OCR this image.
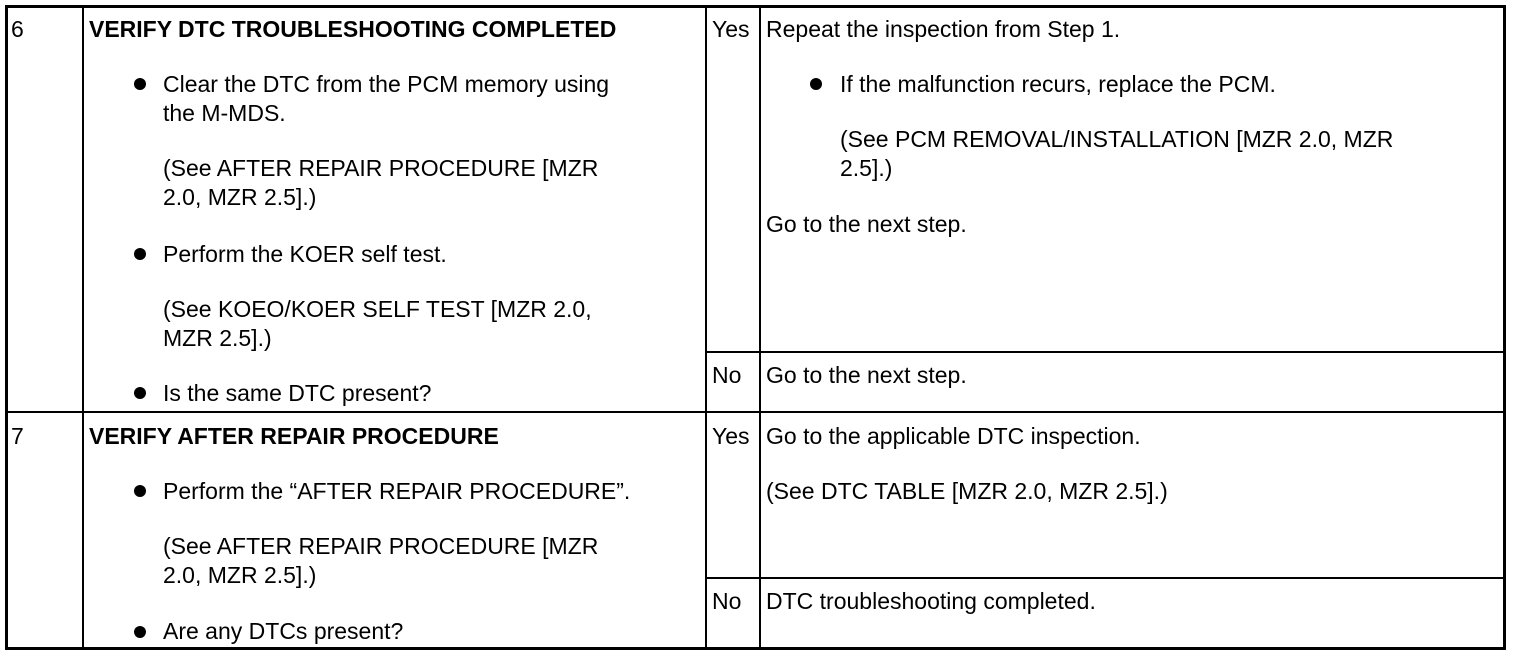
6	VERIFY DTC TROUBLESHOOTING COMPLETED
Clear the DTC from the PCM memory using
the M-MDS.
(See AFTER REPAIR PROCEDURE [MZR
2.0, MZR 2.5].)
Perform the KOER self test.
(See KOEO/KOER SELF TEST [MZR 2.0,
MZR 2.5].)
Is the same DTC present?
Yes Repeat the inspection from Step 1.
If the malfunction recurs, replace the PCM.
(See PCM REMOVAL/INSTALLATION [MZR 2.0, MZR
2.5].)
Go to the next step.
No Go to the next step.
7	VERIFY AFTER REPAIR PROCEDURE
Perform the “AFTER REPAIR PROCEDURE”.
(See AFTER REPAIR PROCEDURE [MZR
2.0, MZR 2.5].)
Are any DTCs present?
Yes Go to the applicable DTC inspection.
(See DTC TABLE [MZR 2.0, MZR 2.5].)
No DTC troubleshooting completed.
